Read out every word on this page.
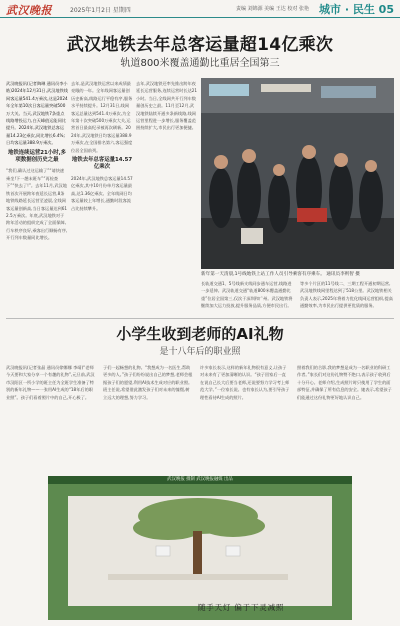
武汉晚报	2025年1月2日 星期四	责编 刘锦源 美编 王达 校对 张艳 城市 · 民生 05
武汉地铁去年总客运量超14亿乘次
轨道800米覆盖通勤比重居全国第三
武汉晚报讯(记者陶琳 通讯员李小皓)2024年12月31日,武汉地铁线网客运量541.4万乘次,这是2024年全年第10次日客运量突破500万大关。当天,武汉地铁7条重点线路增投运力,白天峰值运能同比提升。2024年,武汉地铁总客运量14.23亿乘次,同比增长6.4%;日均客运量388.9万乘次。
地铁连续运营21小时,多项数据创历史之最
“我们,确认过这运输了”“请快速乘坐!下一趟末班车”“再检查下”“快去了!”。去年11月,武汉地铁首次开展跨年夜延长运营,8条地铁线路延长运营至凌晨,全线网客运量创新高,当日客运量达到612.5万乘次。年底,武汉地铁对于跨年活动的组织完成了全面保障,行车秩序良好,乘客出行顺畅有序,开行列车数量同比增长。
去年,是武汉地铁运营以来成绩最亮眼的一年。全年线网客运量创历史新高,线路运行平稳有序,服务水平持续提升。12月31日,线网客运总量达到541.4万乘次,为全年第十次突破500万乘次大关,运营首日最高纪录被再次刷新。2024年,武汉地铁日均客运量388.9万乘次,在全国排名第六,客运强度位居全国前列。
地铁去年总客运量14.57亿乘次
2024年,武汉地铁总客运量14.57亿乘次,其中10月份单月客运量最高,达1.36亿乘次。全年线网日均客运量较上年增长,通勤时段客流占比持续攀升。
去年,武汉地铁还率先推出跨年夜延长运营服务,连续运营时长达21小时。当日,全线网共开行列车数量创历史之最。11月至12月,武汉地铁陆续开通多条新线路,线网运营里程进一步增长,服务覆盖范围持续扩大,市民出行更加便捷。
新年第一天清晨,1号线地铁上站工作人员引导乘客有序乘车。 通讯员李则智 摄
长轨道交通1、5号线新支线同步通车运营,线路进一步延伸。武汉轨道交通“轨道800米覆盖通勤比重”位居全国第三,仅次于深圳和广州。武汉地铁将继续加大运力投放,提升服务品质,方便市民出行。
等多个片区的11号线二、三期工程开通初期运营,武汉地铁线网里程达到了518公里。武汉地铁相关负责人表示,2025年将着力优化线网运营组织,提高通勤效率,为市民出行提供更优质的服务。
小学生收到老师的AI礼物
是十八年后的职业照
武汉晚报讯(记者张晶 通讯员徐娜娜 李靖)“老师今天要和大家分享一个有趣的礼物”,元旦前,武汉市汉阳区一所小学的班主任为全班学生准备了特别的新年礼物——一张用AI生成的“18年后的职业照”。孩子们看着照片中的自己,开心极了。
子们一起畅想的礼物。“我想成为一名医生,帮助更多的人。”孩子们纷纷说出自己的梦想,老师会根据孩子们的愿望,利用AI技术生成对应的职业照。班主任说,希望借此激发孩子们对未来的憧憬,树立远大的理想,努力学习。
许多家长表示,这样的新年礼物很有意义,让孩子对未来有了更加清晰的认识。“孩子回家后一直在说自己长大后要当老师,还说要努力学习考上师范大学。”一位家长说。也有家长认为,要引导孩子理性看待AI生成的照片。
照着我们的合影,我的梦想是成为一名职业的科研工作者。”家长们对这份礼物赞不绝口,表示孩子收到后十分开心。老师介绍,生成照片时只使用了学生的面部特征,并确保了所有信息的安全。她表示,希望孩子们能通过这份礼物更好地认识自己。
武汉晚报 摄制 武汉晚报融媒 出品
随手天灯 偏于下灵减照
